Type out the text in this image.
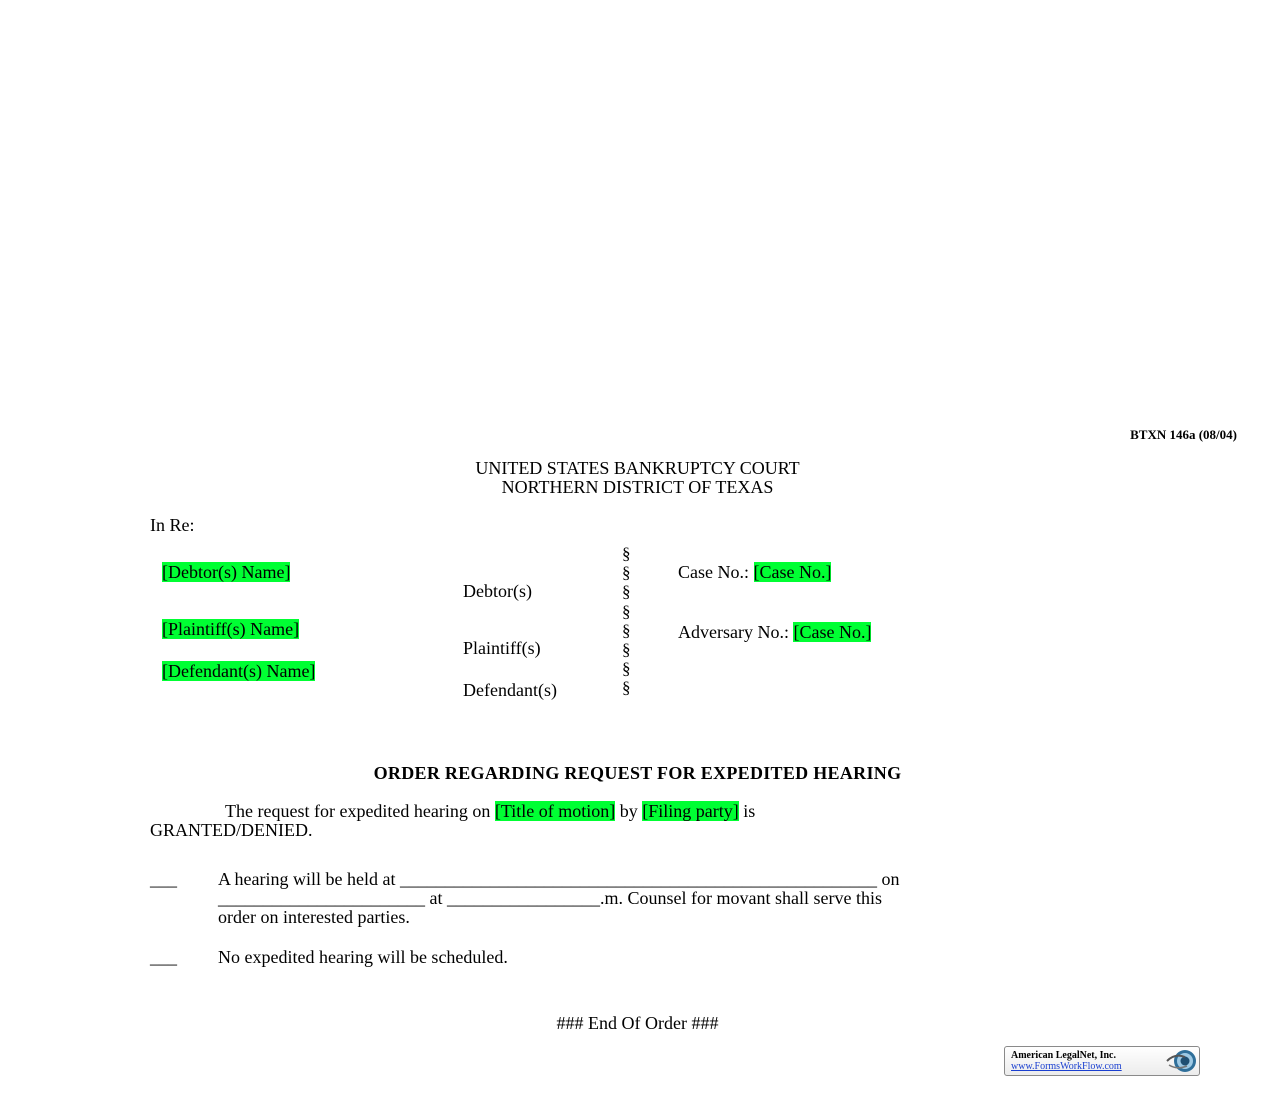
BTXN 146a (08/04)
UNITED STATES BANKRUPTCY COURT
NORTHERN DISTRICT OF TEXAS
In Re:
[Debtor(s) Name]
Debtor(s)
[Plaintiff(s) Name]
Plaintiff(s)
[Defendant(s) Name]
Defendant(s)
§ § § § § § § §
Case No.: [Case No.]
Adversary No.: [Case No.]
ORDER REGARDING REQUEST FOR EXPEDITED HEARING
The request for expedited hearing on [Title of motion] by [Filing party] is
GRANTED/DENIED.
___ A hearing will be held at _____________________________________________________ on
_______________________ at _________________.m. Counsel for movant shall serve this
order on interested parties.
___ No expedited hearing will be scheduled.
### End Of Order ###
American LegalNet, Inc.
www.FormsWorkFlow.com
